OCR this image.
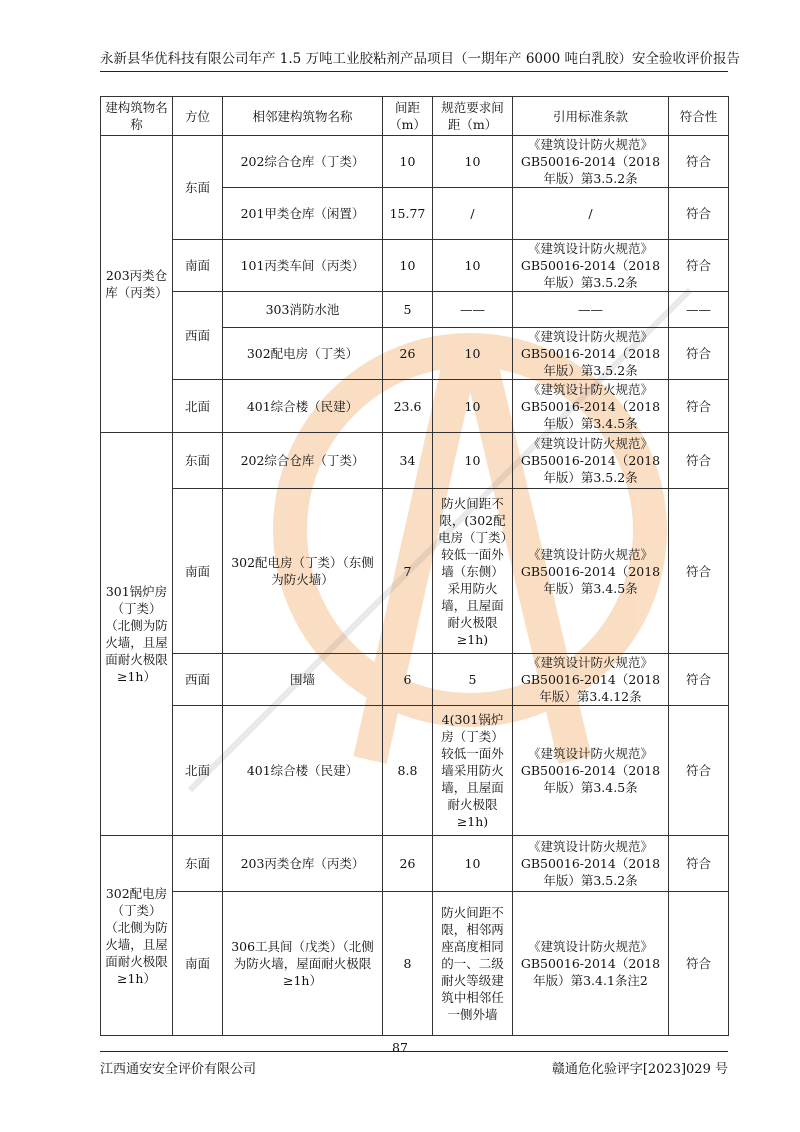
永新县华优科技有限公司年产 1.5 万吨工业胶粘剂产品项目（一期年产 6000 吨白乳胶）安全验收评价报告
建构筑物名称	方位	相邻建构筑物名称	间距（m）	规范要求间距（m）	引用标准条款	符合性
203丙类仓库（丙类）	东面	202综合仓库（丁类）	10	10	《建筑设计防火规范》GB50016-2014（2018年版）第3.5.2条	符合
		201甲类仓库（闲置）	15.77	/	/	符合
	南面	101丙类车间（丙类）	10	10	《建筑设计防火规范》GB50016-2014（2018年版）第3.5.2条	符合
	西面	303消防水池	5	——	——	——
		302配电房（丁类）	26	10	《建筑设计防火规范》GB50016-2014（2018年版）第3.5.2条	符合
	北面	401综合楼（民建）	23.6	10	《建筑设计防火规范》GB50016-2014（2018年版）第3.4.5条	符合
301锅炉房（丁类）（北侧为防火墙，且屋面耐火极限≥1h）	东面	202综合仓库（丁类）	34	10	《建筑设计防火规范》GB50016-2014（2018年版）第3.5.2条	符合
	南面	302配电房（丁类）（东侧为防火墙）	7	防火间距不限，(302配电房（丁类）较低一面外墙（东侧）采用防火墙，且屋面耐火极限≥1h)	《建筑设计防火规范》GB50016-2014（2018年版）第3.4.5条	符合
	西面	围墙	6	5	《建筑设计防火规范》GB50016-2014（2018年版）第3.4.12条	符合
	北面	401综合楼（民建）	8.8	4(301锅炉房（丁类）较低一面外墙采用防火墙，且屋面耐火极限≥1h)	《建筑设计防火规范》GB50016-2014（2018年版）第3.4.5条	符合
302配电房（丁类）（北侧为防火墙，且屋面耐火极限≥1h）	东面	203丙类仓库（丙类）	26	10	《建筑设计防火规范》GB50016-2014（2018年版）第3.5.2条	符合
	南面	306工具间（戊类）（北侧为防火墙，屋面耐火极限≥1h）	8	防火间距不限，相邻两座高度相同的一、二级耐火等级建筑中相邻任一侧外墙	《建筑设计防火规范》GB50016-2014（2018年版）第3.4.1条注2	符合
87
江西通安安全评价有限公司	赣通危化验评字[2023]029 号
